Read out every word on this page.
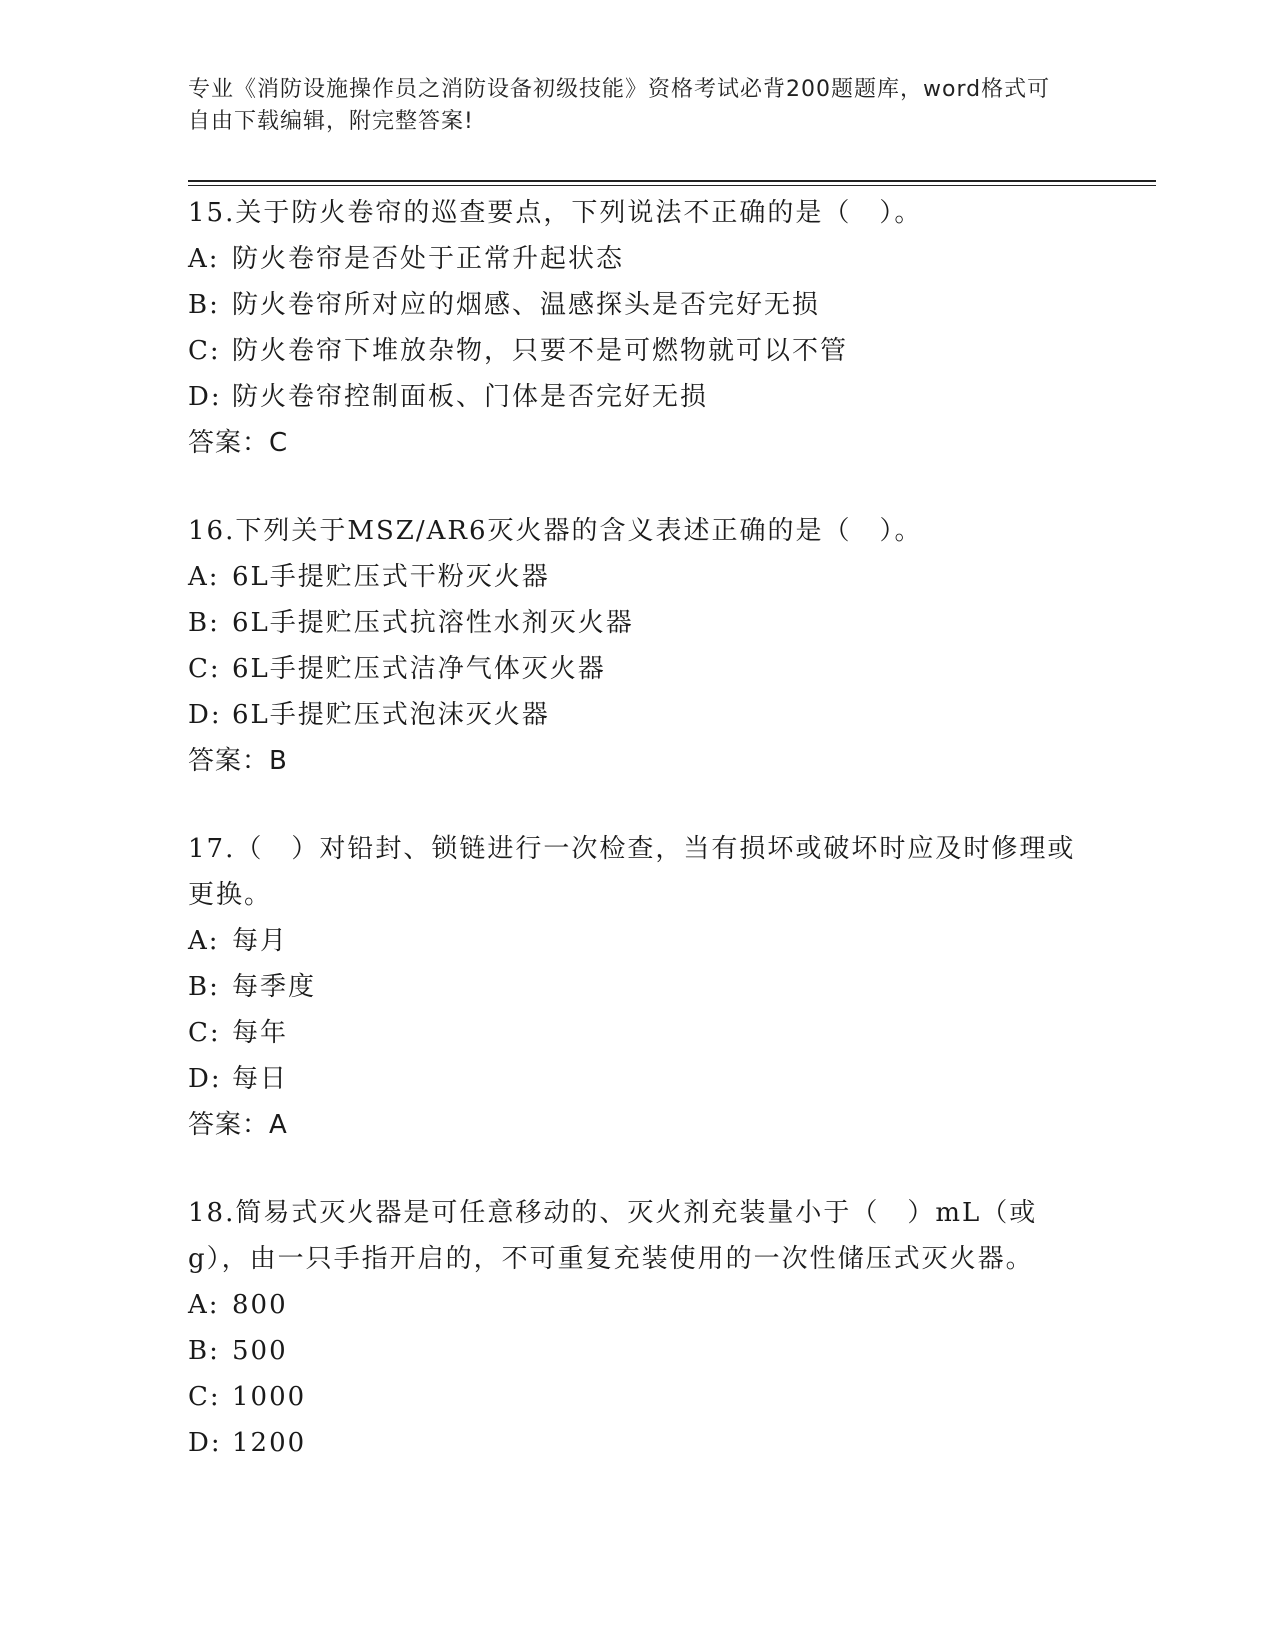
专业《消防设施操作员之消防设备初级技能》资格考试必背200题题库，word格式可自由下载编辑，附完整答案!
15.关于防火卷帘的巡查要点，下列说法不正确的是（　）。
A: 防火卷帘是否处于正常升起状态
B: 防火卷帘所对应的烟感、温感探头是否完好无损
C: 防火卷帘下堆放杂物，只要不是可燃物就可以不管
D: 防火卷帘控制面板、门体是否完好无损
答案：C
16.下列关于MSZ/AR6灭火器的含义表述正确的是（　）。
A: 6L手提贮压式干粉灭火器
B: 6L手提贮压式抗溶性水剂灭火器
C: 6L手提贮压式洁净气体灭火器
D: 6L手提贮压式泡沫灭火器
答案：B
17.（　）对铅封、锁链进行一次检查，当有损坏或破坏时应及时修理或更换。
A: 每月
B: 每季度
C: 每年
D: 每日
答案：A
18.简易式灭火器是可任意移动的、灭火剂充装量小于（　）mL（或g），由一只手指开启的，不可重复充装使用的一次性储压式灭火器。
A: 800
B: 500
C: 1000
D: 1200
